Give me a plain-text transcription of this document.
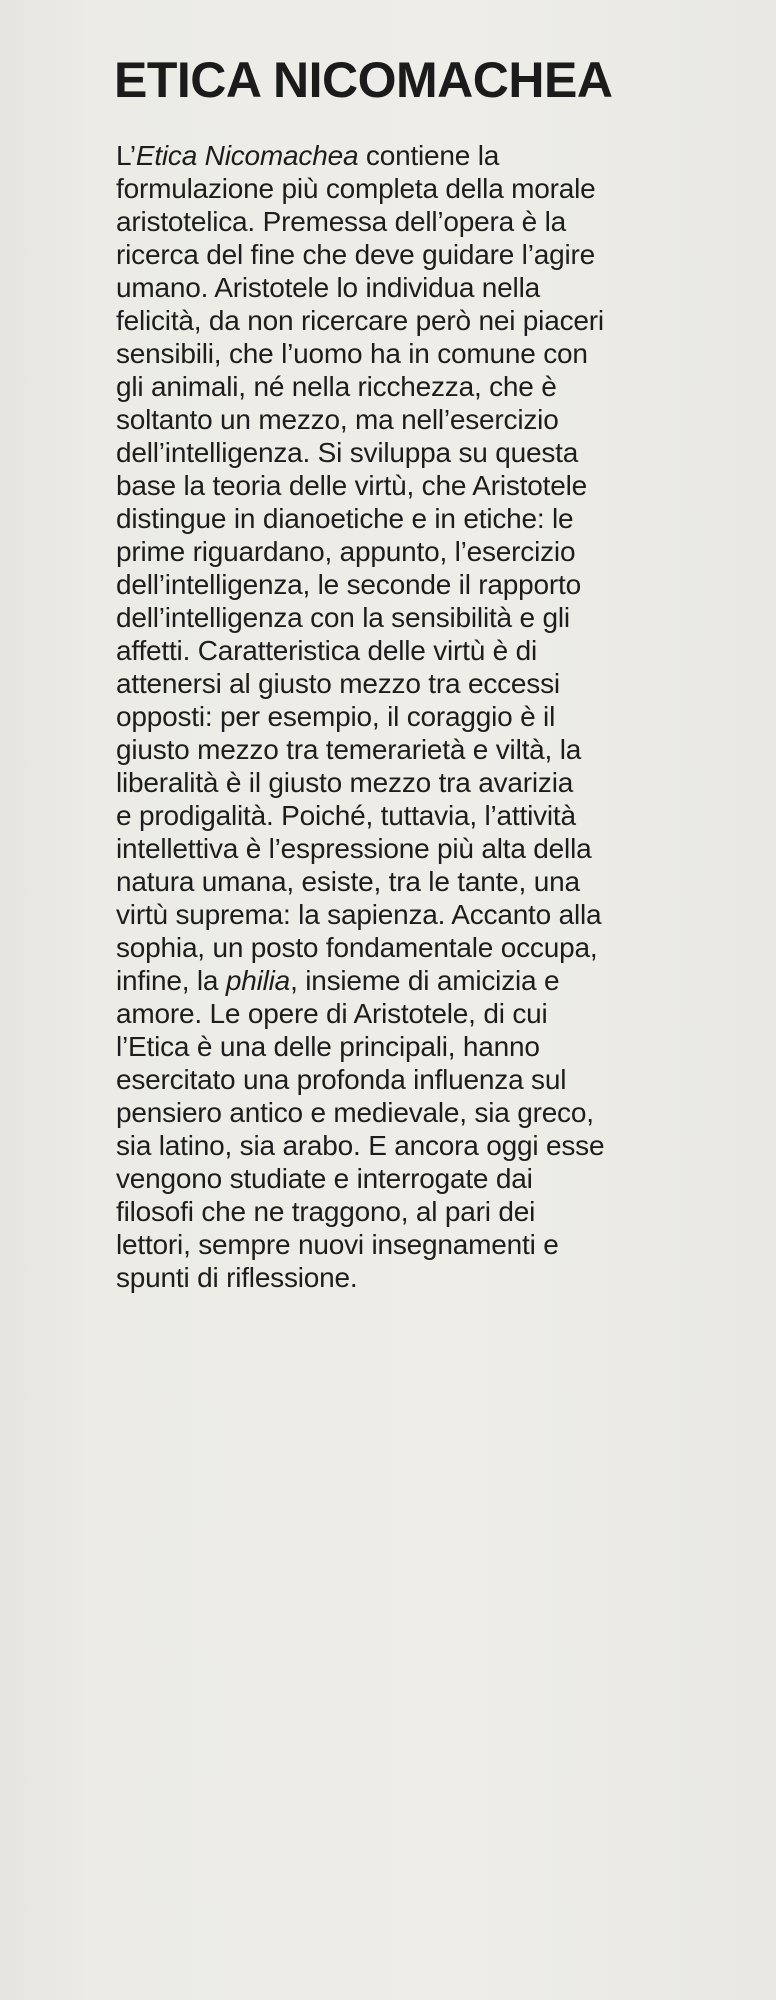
ETICA NICOMACHEA

L’Etica Nicomachea contiene la
formulazione più completa della morale
aristotelica. Premessa dell’opera è la
ricerca del fine che deve guidare l’agire
umano. Aristotele lo individua nella
felicità, da non ricercare però nei piaceri
sensibili, che l’uomo ha in comune con
gli animali, né nella ricchezza, che è
soltanto un mezzo, ma nell’esercizio
dell’intelligenza. Si sviluppa su questa
base la teoria delle virtù, che Aristotele
distingue in dianoetiche e in etiche: le
prime riguardano, appunto, l’esercizio
dell’intelligenza, le seconde il rapporto
dell’intelligenza con la sensibilità e gli
affetti. Caratteristica delle virtù è di
attenersi al giusto mezzo tra eccessi
opposti: per esempio, il coraggio è il
giusto mezzo tra temerarietà e viltà, la
liberalità è il giusto mezzo tra avarizia
e prodigalità. Poiché, tuttavia, l’attività
intellettiva è l’espressione più alta della
natura umana, esiste, tra le tante, una
virtù suprema: la sapienza. Accanto alla
sophia, un posto fondamentale occupa,
infine, la philia, insieme di amicizia e
amore. Le opere di Aristotele, di cui
l’Etica è una delle principali, hanno
esercitato una profonda influenza sul
pensiero antico e medievale, sia greco,
sia latino, sia arabo. E ancora oggi esse
vengono studiate e interrogate dai
filosofi che ne traggono, al pari dei
lettori, sempre nuovi insegnamenti e
spunti di riflessione.
